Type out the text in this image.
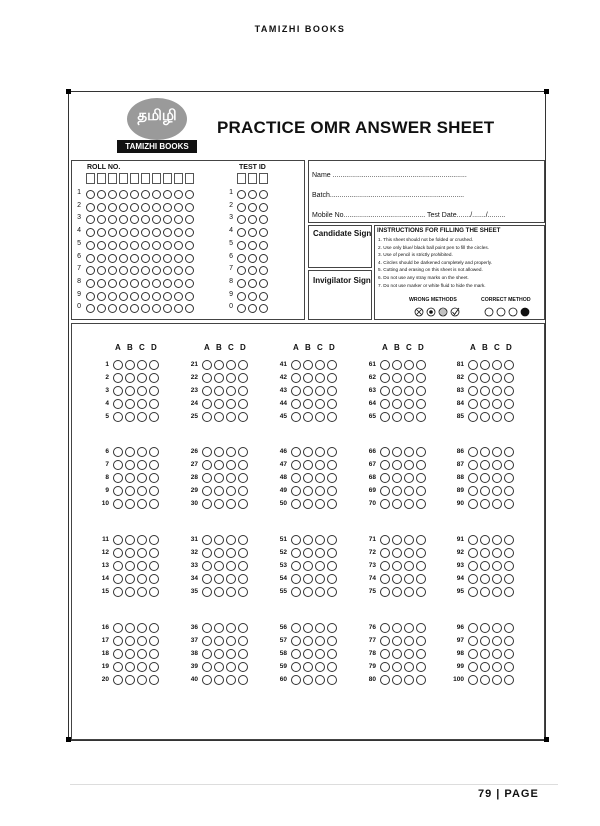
TAMIZHI BOOKS
தமிழி
TAMIZHI BOOKS
PRACTICE OMR ANSWER SHEET
ROLL NO.	TEST ID
Name .....................................................................
Batch.....................................................................
Mobile No.......................................... Test Date......./......./.........
Candidate Sign
Invigilator Sign
INSTRUCTIONS FOR FILLING THE SHEET
1. This sheet should not be folded or crushed.
2. Use only blue/ black ball point pen to fill the circles.
3. Use of pencil is strictly prohibited.
4. Circles should be darkened completely and properly.
5. Cutting and erasing on this sheet is not allowed.
6. Do not use any stray marks on the sheet.
7. Do not use marker or white fluid to hide the mark.
WRONG METHODS	CORRECT METHOD
1	1
2	2
3	3
4	4
5	5
6	6
7	7
8	8
9	9
0	0
A B C D
1
2
3
4
5
6
7
8
9
10
11
12
13
14
15
16
17
18
19
20
A B C D
21
22
23
24
25
26
27
28
29
30
31
32
33
34
35
36
37
38
39
40
A B C D
41
42
43
44
45
46
47
48
49
50
51
52
53
54
55
56
57
58
59
60
A B C D
61
62
63
64
65
66
67
68
69
70
71
72
73
74
75
76
77
78
79
80
A B C D
81
82
83
84
85
86
87
88
89
90
91
92
93
94
95
96
97
98
99
100
79 | PAGE
